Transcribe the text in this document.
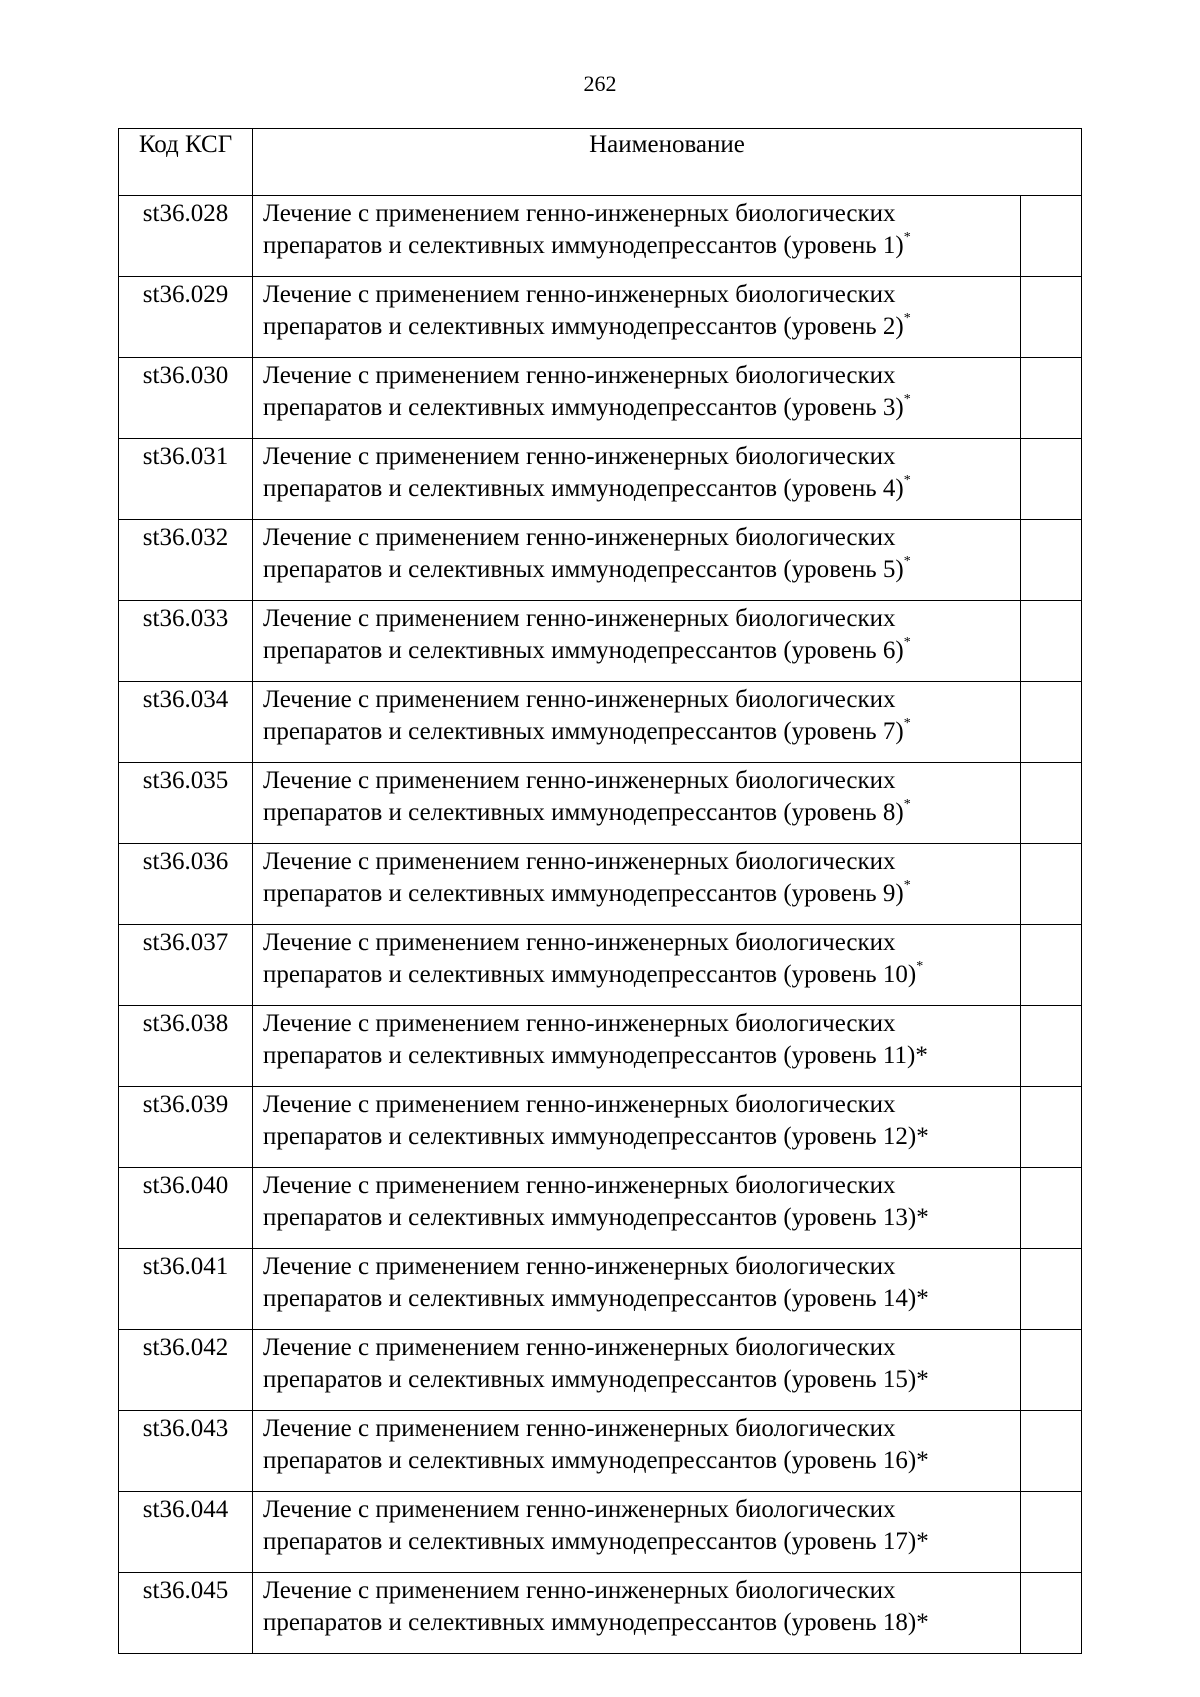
262
Код КСГ	Наименование	
st36.028	Лечение с применением генно-инженерных биологических
препаратов и селективных иммунодепрессантов (уровень 1)*

st36.029	Лечение с применением генно-инженерных биологических
препаратов и селективных иммунодепрессантов (уровень 2)*

st36.030	Лечение с применением генно-инженерных биологических
препаратов и селективных иммунодепрессантов (уровень 3)*

st36.031	Лечение с применением генно-инженерных биологических
препаратов и селективных иммунодепрессантов (уровень 4)*

st36.032	Лечение с применением генно-инженерных биологических
препаратов и селективных иммунодепрессантов (уровень 5)*

st36.033	Лечение с применением генно-инженерных биологических
препаратов и селективных иммунодепрессантов (уровень 6)*

st36.034	Лечение с применением генно-инженерных биологических
препаратов и селективных иммунодепрессантов (уровень 7)*

st36.035	Лечение с применением генно-инженерных биологических
препаратов и селективных иммунодепрессантов (уровень 8)*

st36.036	Лечение с применением генно-инженерных биологических
препаратов и селективных иммунодепрессантов (уровень 9)*

st36.037	Лечение с применением генно-инженерных биологических
препаратов и селективных иммунодепрессантов (уровень 10)*

st36.038	Лечение с применением генно-инженерных биологических
препаратов и селективных иммунодепрессантов (уровень 11)*	

st36.039	Лечение с применением генно-инженерных биологических
препаратов и селективных иммунодепрессантов (уровень 12)*	

st36.040	Лечение с применением генно-инженерных биологических
препаратов и селективных иммунодепрессантов (уровень 13)*	

st36.041	Лечение с применением генно-инженерных биологических
препаратов и селективных иммунодепрессантов (уровень 14)*	

st36.042	Лечение с применением генно-инженерных биологических
препаратов и селективных иммунодепрессантов (уровень 15)*	

st36.043	Лечение с применением генно-инженерных биологических
препаратов и селективных иммунодепрессантов (уровень 16)*	

st36.044	Лечение с применением генно-инженерных биологических
препаратов и селективных иммунодепрессантов (уровень 17)*	

st36.045	Лечение с применением генно-инженерных биологических
препаратов и селективных иммунодепрессантов (уровень 18)*	
